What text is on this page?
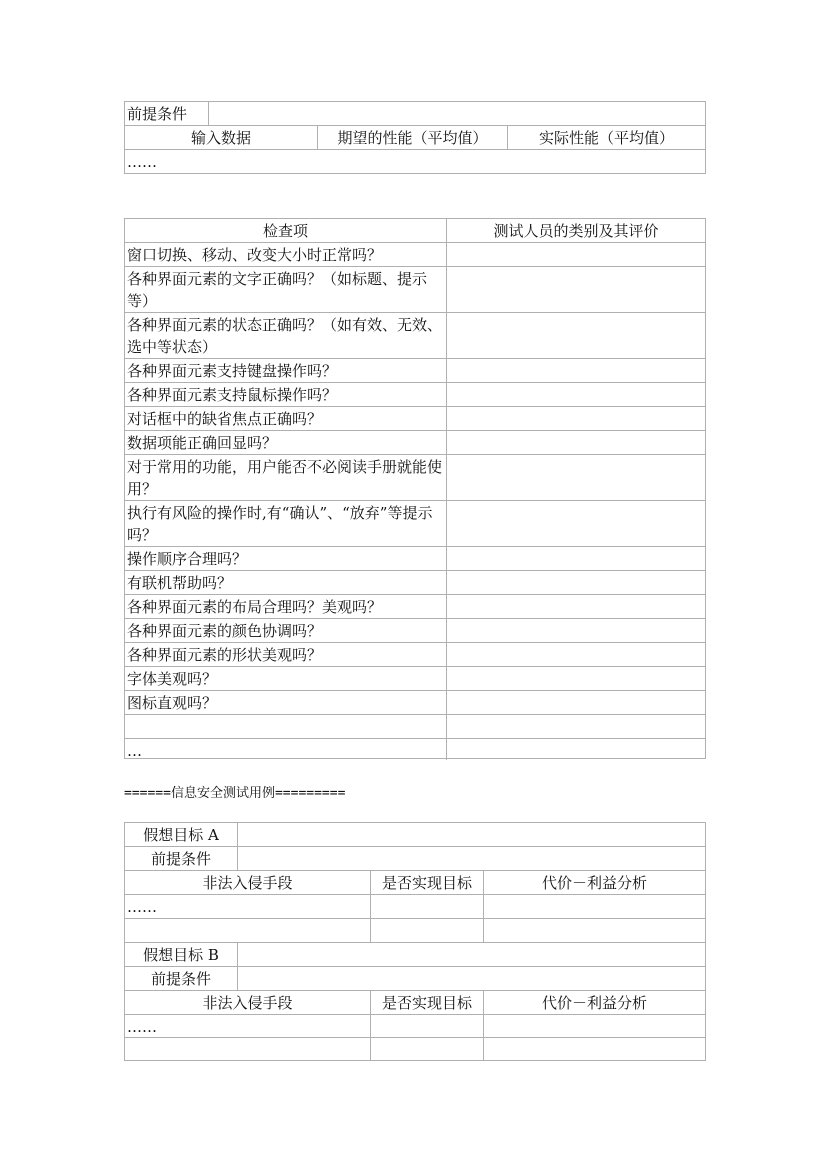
前提条件
输入数据	期望的性能（平均值）	实际性能（平均值）
……
检查项	测试人员的类别及其评价
窗口切换、移动、改变大小时正常吗？
各种界面元素的文字正确吗？（如标题、提示等）
各种界面元素的状态正确吗？（如有效、无效、选中等状态）
各种界面元素支持键盘操作吗？
各种界面元素支持鼠标操作吗？
对话框中的缺省焦点正确吗？
数据项能正确回显吗？
对于常用的功能，用户能否不必阅读手册就能使用？
执行有风险的操作时,有“确认”、“放弃”等提示吗？
操作顺序合理吗？
有联机帮助吗？
各种界面元素的布局合理吗？美观吗？
各种界面元素的颜色协调吗？
各种界面元素的形状美观吗？
字体美观吗？
图标直观吗？
…
======信息安全测试用例=========
假想目标 A
前提条件
非法入侵手段	是否实现目标	代价－利益分析
……
假想目标 B
前提条件
非法入侵手段	是否实现目标	代价－利益分析
……
